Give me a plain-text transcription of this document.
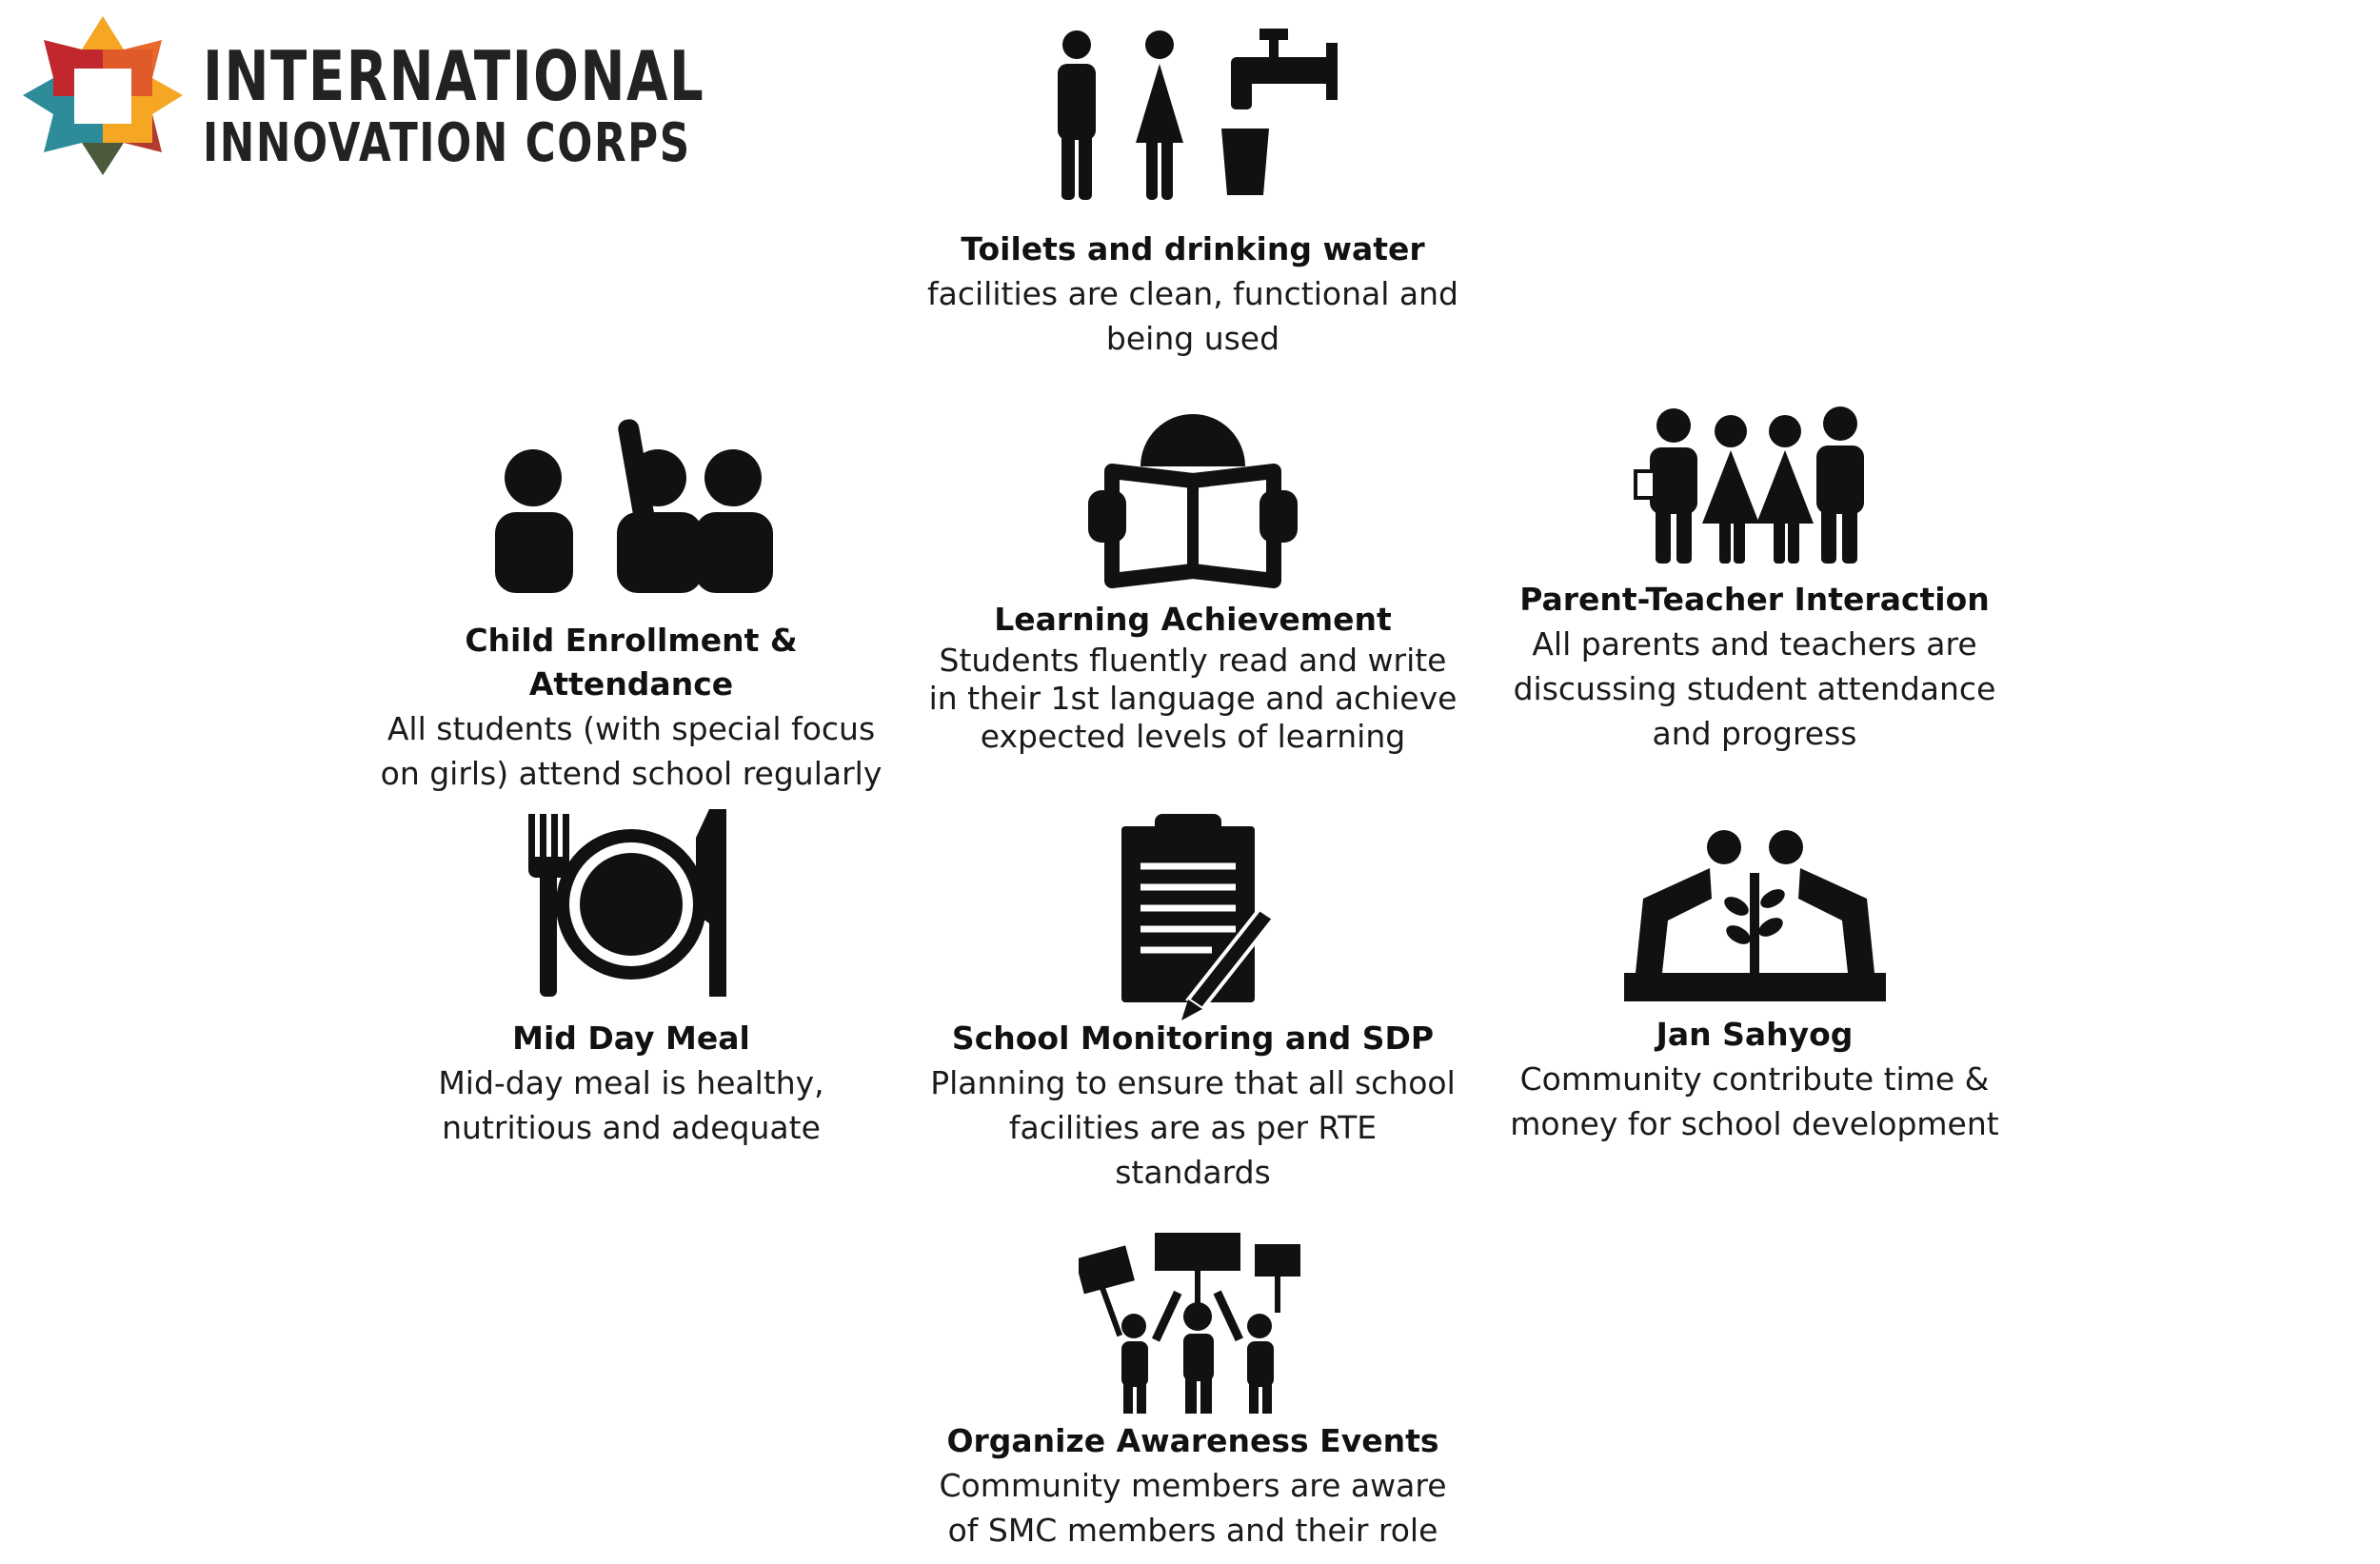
INTERNATIONAL
INNOVATION CORPS
Toilets and drinking water
facilities are clean, functional and
being used
Child Enrollment & Attendance
All students (with special focus
on girls) attend school regularly
Learning Achievement
Students fluently read and write
in their 1st language and achieve
expected levels of learning
Parent-Teacher Interaction
All parents and teachers are
discussing student attendance
and progress
Mid Day Meal
Mid-day meal is healthy,
nutritious and adequate
School Monitoring and SDP
Planning to ensure that all school
facilities are as per RTE standards
Jan Sahyog
Community contribute time &
money for school development
Organize Awareness Events
Community members are aware
of SMC members and their role
